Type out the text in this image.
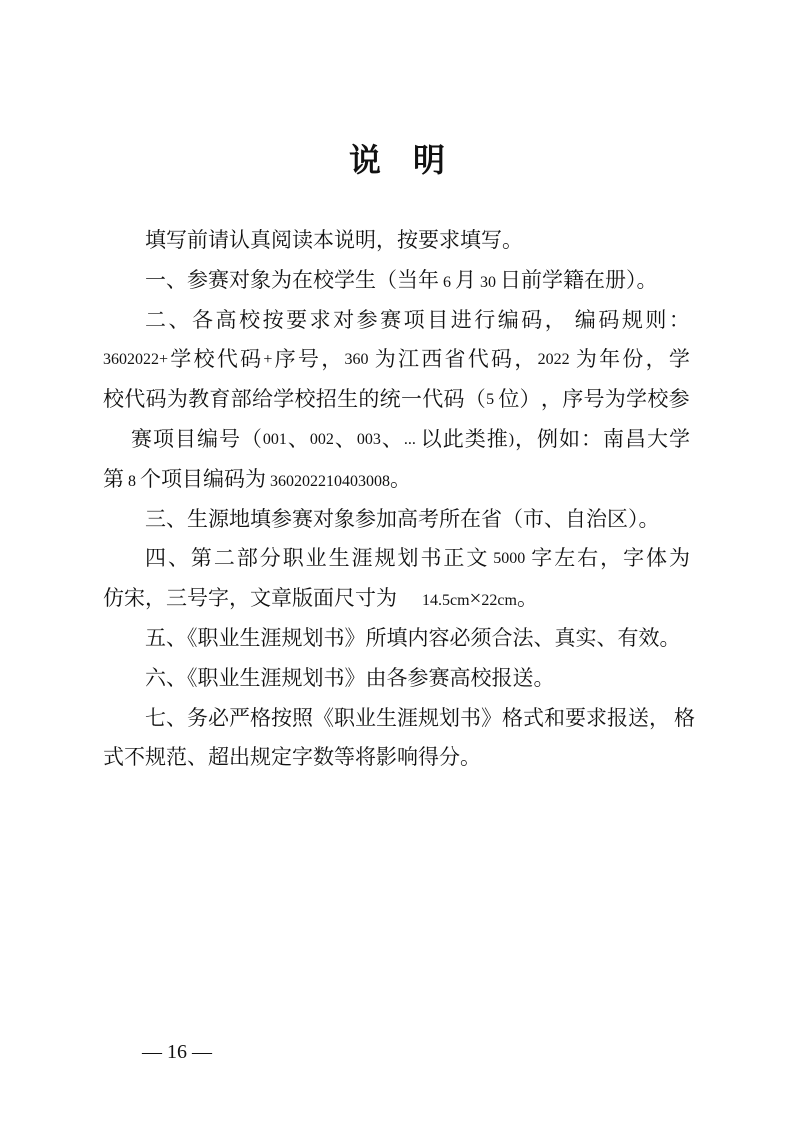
说　明
填写前请认真阅读本说明，按要求填写。
一、参赛对象为在校学生（当年 6 月 30 日前学籍在册）。
二 、 各 高 校 按 要 求 对 参 赛 项 目 进 行 编 码 ，
编 码 规 则 ：
3602022+ 学 校 代 码 + 序 号 ， 360 为 江 西 省 代 码 ， 2022 为 年 份 ， 学
校 代 码 为 教 育 部 给 学 校 招 生 的 统 一 代 码 （ 5 位 ） ， 序 号 为 学 校 参
赛 项 目 编 号 （ 001 、 002 、 003 、 ... 以 此 类 推 ) ， 例 如 ： 南 昌 大 学
第 8 个项目编码为 360202210403008。
三、生源地填参赛对象参加高考所在省（市、自治区）。
四 、 第 二 部 分 职 业 生 涯 规 划 书 正 文 5000 字 左 右 ， 字 体 为
仿宋，三号字，文章版面尺寸为　 14.5cm×22cm。
五、《职业生涯规划书》所填内容必须合法、真实、有效。
六、《职业生涯规划书》由各参赛高校报送。
七 、 务 必 严 格 按 照 《 职 业 生 涯 规 划 书 》 格 式 和 要 求 报 送 ，
格
式不规范、超出规定字数等将影响得分。

— 16 —
